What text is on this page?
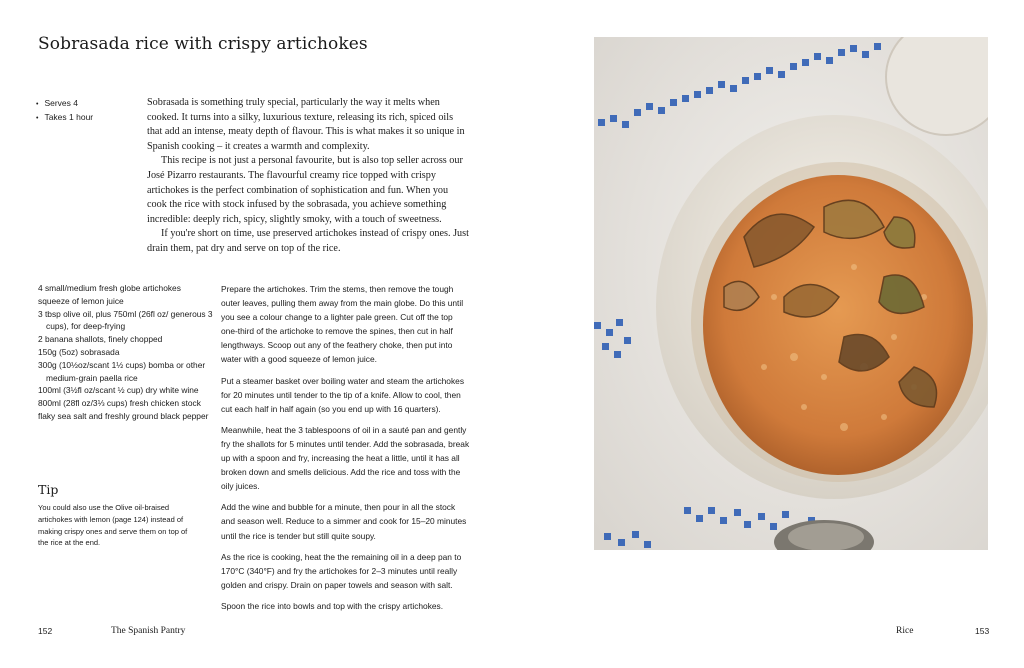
Sobrasada rice with crispy artichokes
• Serves 4
• Takes 1 hour

Sobrasada is something truly special, particularly the way it melts when cooked. It turns into a silky, luxurious texture, releasing its rich, spiced oils that add an intense, meaty depth of flavour. This is what makes it so unique in Spanish cooking – it creates a warmth and complexity.

This recipe is not just a personal favourite, but is also top seller across our José Pizarro restaurants. The flavourful creamy rice topped with crispy artichokes is the perfect combination of sophistication and fun. When you cook the rice with stock infused by the sobrasada, you achieve something incredible: deeply rich, spicy, slightly smoky, with a touch of sweetness.

If you're short on time, use preserved artichokes instead of crispy ones. Just drain them, pat dry and serve on top of the rice.

4 small/medium fresh globe artichokes
squeeze of lemon juice
3 tbsp olive oil, plus 750ml (26fl oz/ generous 3 cups), for deep-frying
2 banana shallots, finely chopped
150g (5oz) sobrasada
300g (10½oz/scant 1½ cups) bomba or other medium-grain paella rice
100ml (3½fl oz/scant ½ cup) dry white wine
800ml (28fl oz/3⅓ cups) fresh chicken stock
flaky sea salt and freshly ground black pepper
Tip

You could also use the Olive oil-braised artichokes with lemon (page 124) instead of making crispy ones and serve them on top of the rice at the end.

Prepare the artichokes. Trim the stems, then remove the tough outer leaves, pulling them away from the main globe. Do this until you see a colour change to a lighter pale green. Cut off the top one-third of the artichoke to remove the spines, then cut in half lengthways. Scoop out any of the feathery choke, then put into water with a good squeeze of lemon juice.

Put a steamer basket over boiling water and steam the artichokes for 20 minutes until tender to the tip of a knife. Allow to cool, then cut each half in half again (so you end up with 16 quarters).

Meanwhile, heat the 3 tablespoons of oil in a sauté pan and gently fry the shallots for 5 minutes until tender. Add the sobrasada, break up with a spoon and fry, increasing the heat a little, until it has all broken down and smells delicious. Add the rice and toss with the oily juices.

Add the wine and bubble for a minute, then pour in all the stock and season well. Reduce to a simmer and cook for 15–20 minutes until the rice is tender but still quite soupy.

As the rice is cooking, heat the the remaining oil in a deep pan to 170°C (340°F) and fry the artichokes for 2–3 minutes until really golden and crispy. Drain on paper towels and season with salt.

Spoon the rice into bowls and top with the crispy artichokes.

152	The Spanish Pantry	Rice	153
